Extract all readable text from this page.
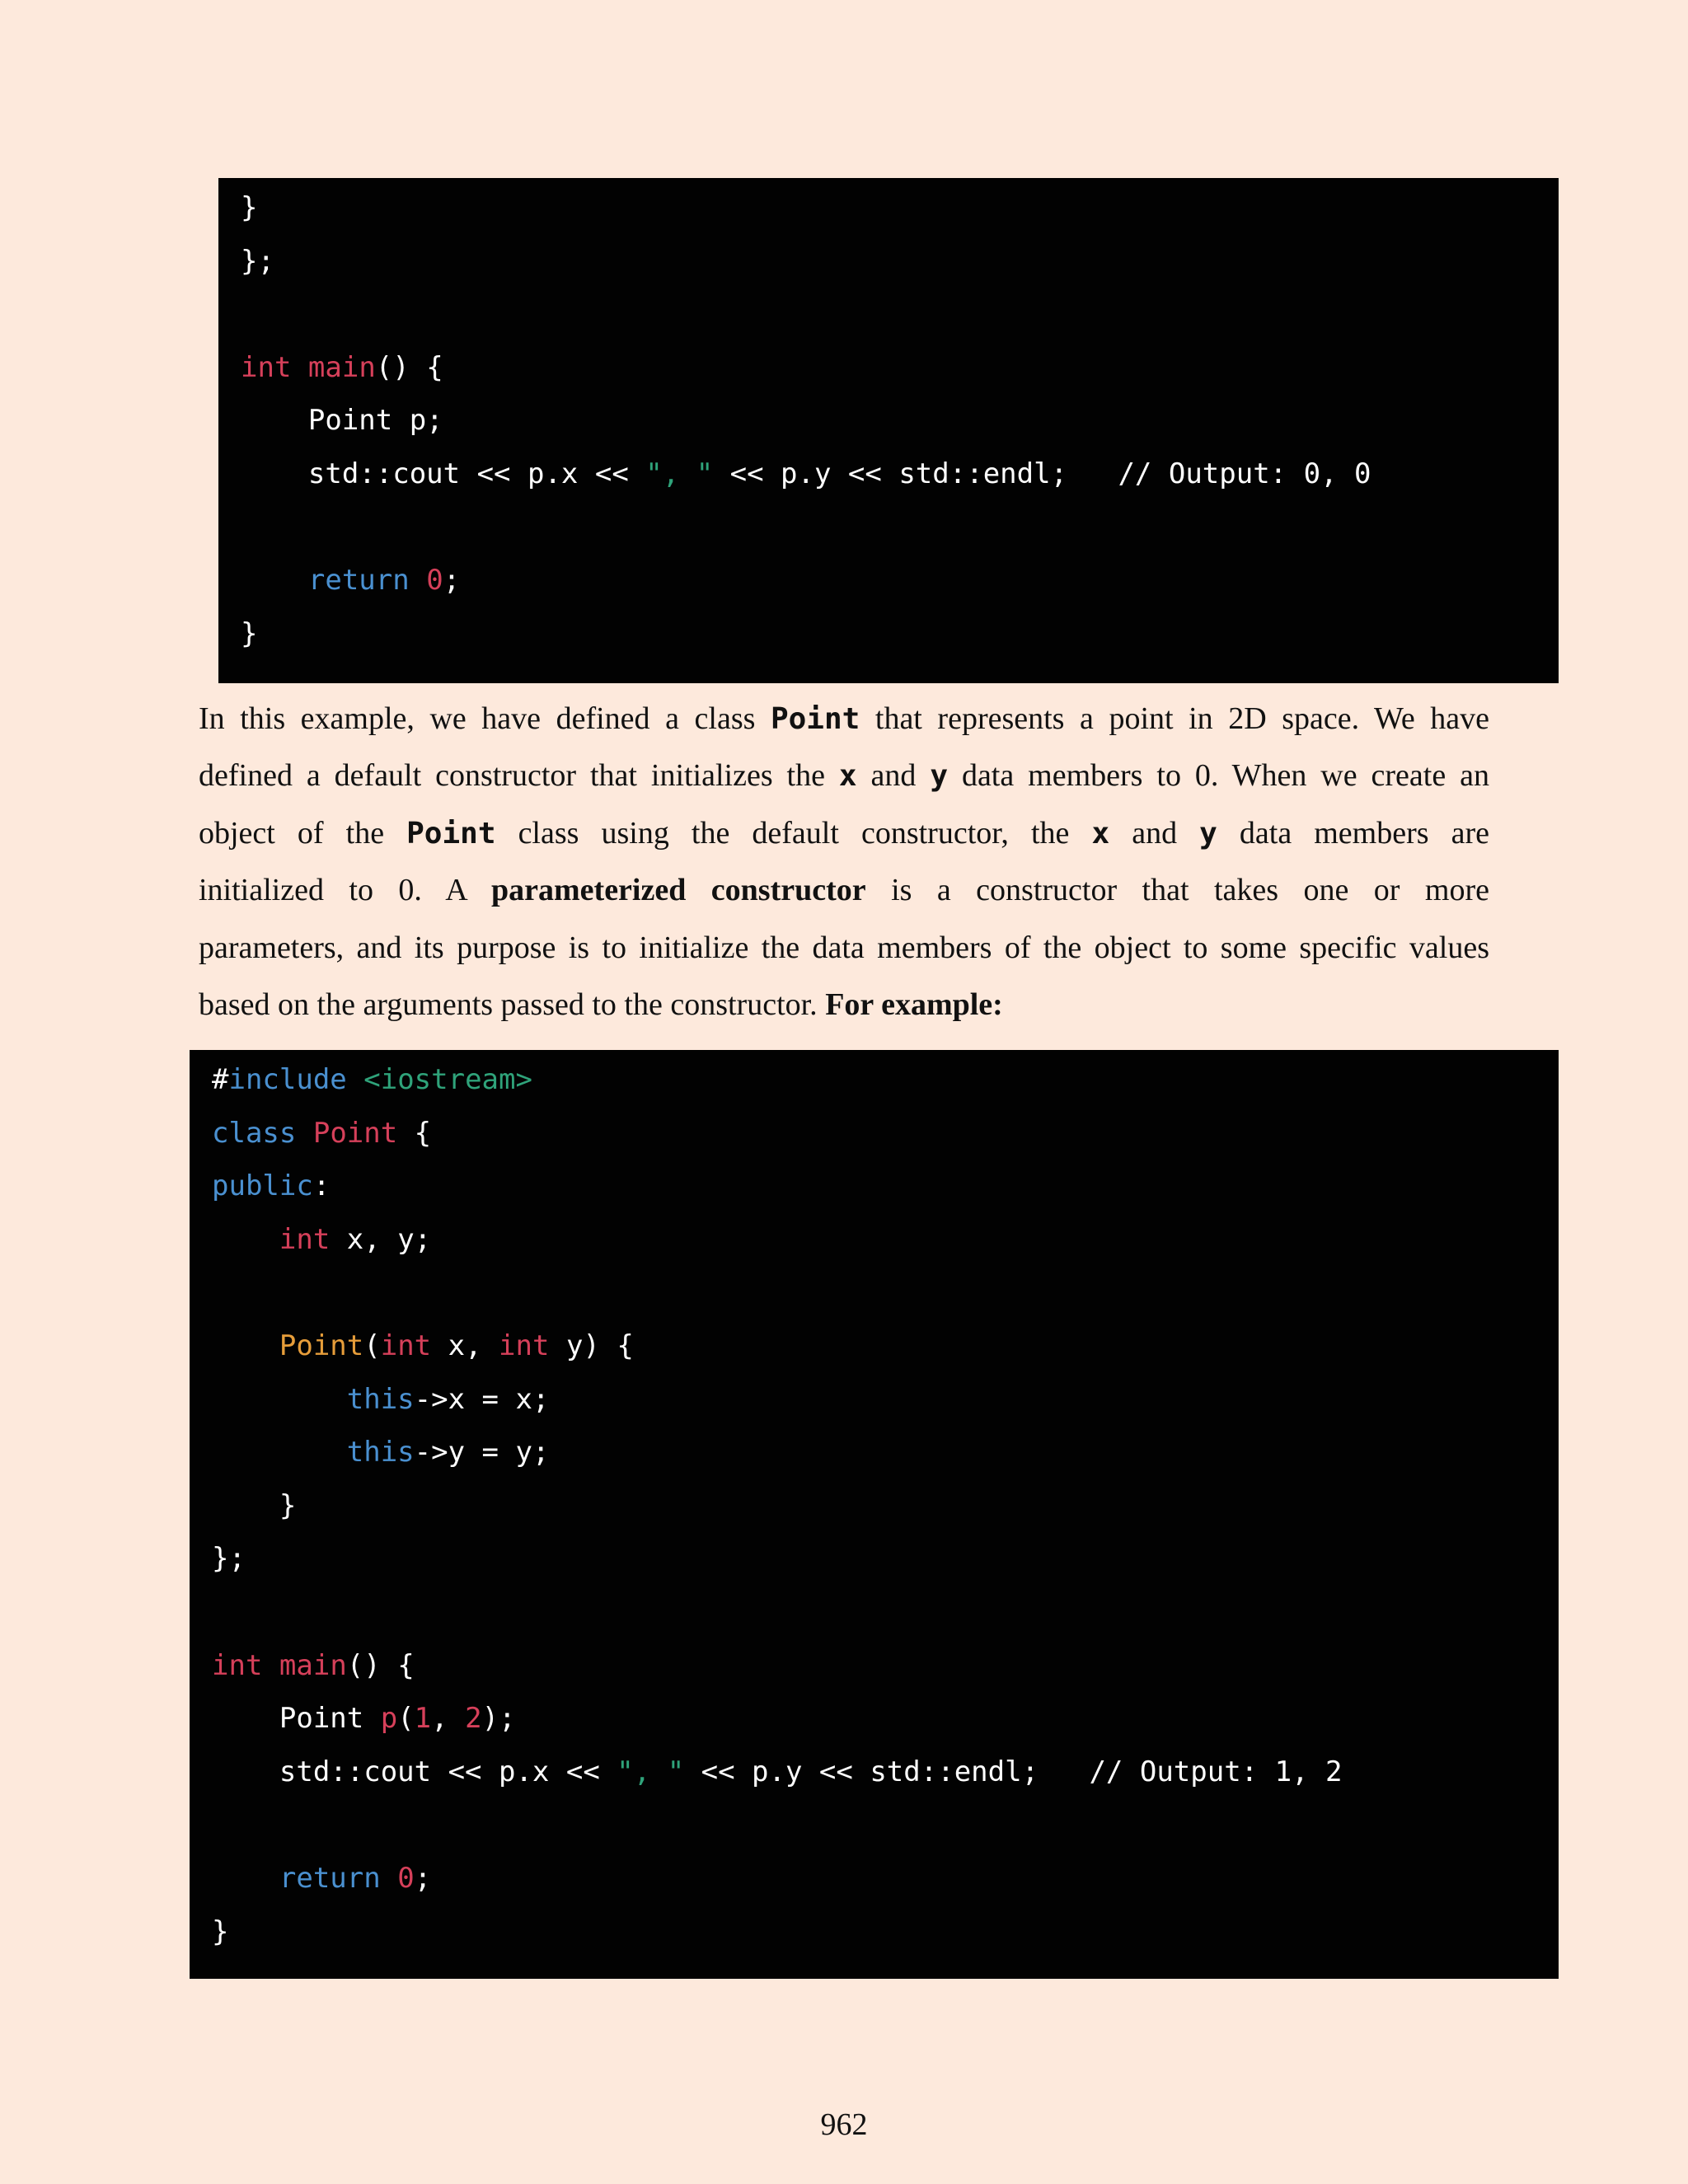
}
};
int main() {
Point p;
std::cout << p.x << ", " << p.y << std::endl;   // Output: 0, 0
return 0;
}
In this example, we have defined a class Point that represents a point in 2D space. We have
defined a default constructor that initializes the x and y data members to 0. When we create an
object of the Point class using the default constructor, the x and y data members are
initialized to 0. A parameterized constructor is a constructor that takes one or more
parameters, and its purpose is to initialize the data members of the object to some specific values
based on the arguments passed to the constructor. For example:
#include <iostream>
class Point {
public:
int x, y;
Point(int x, int y) {
this->x = x;
this->y = y;
}
};
int main() {
Point p(1, 2);
std::cout << p.x << ", " << p.y << std::endl;   // Output: 1, 2
return 0;
}
962
